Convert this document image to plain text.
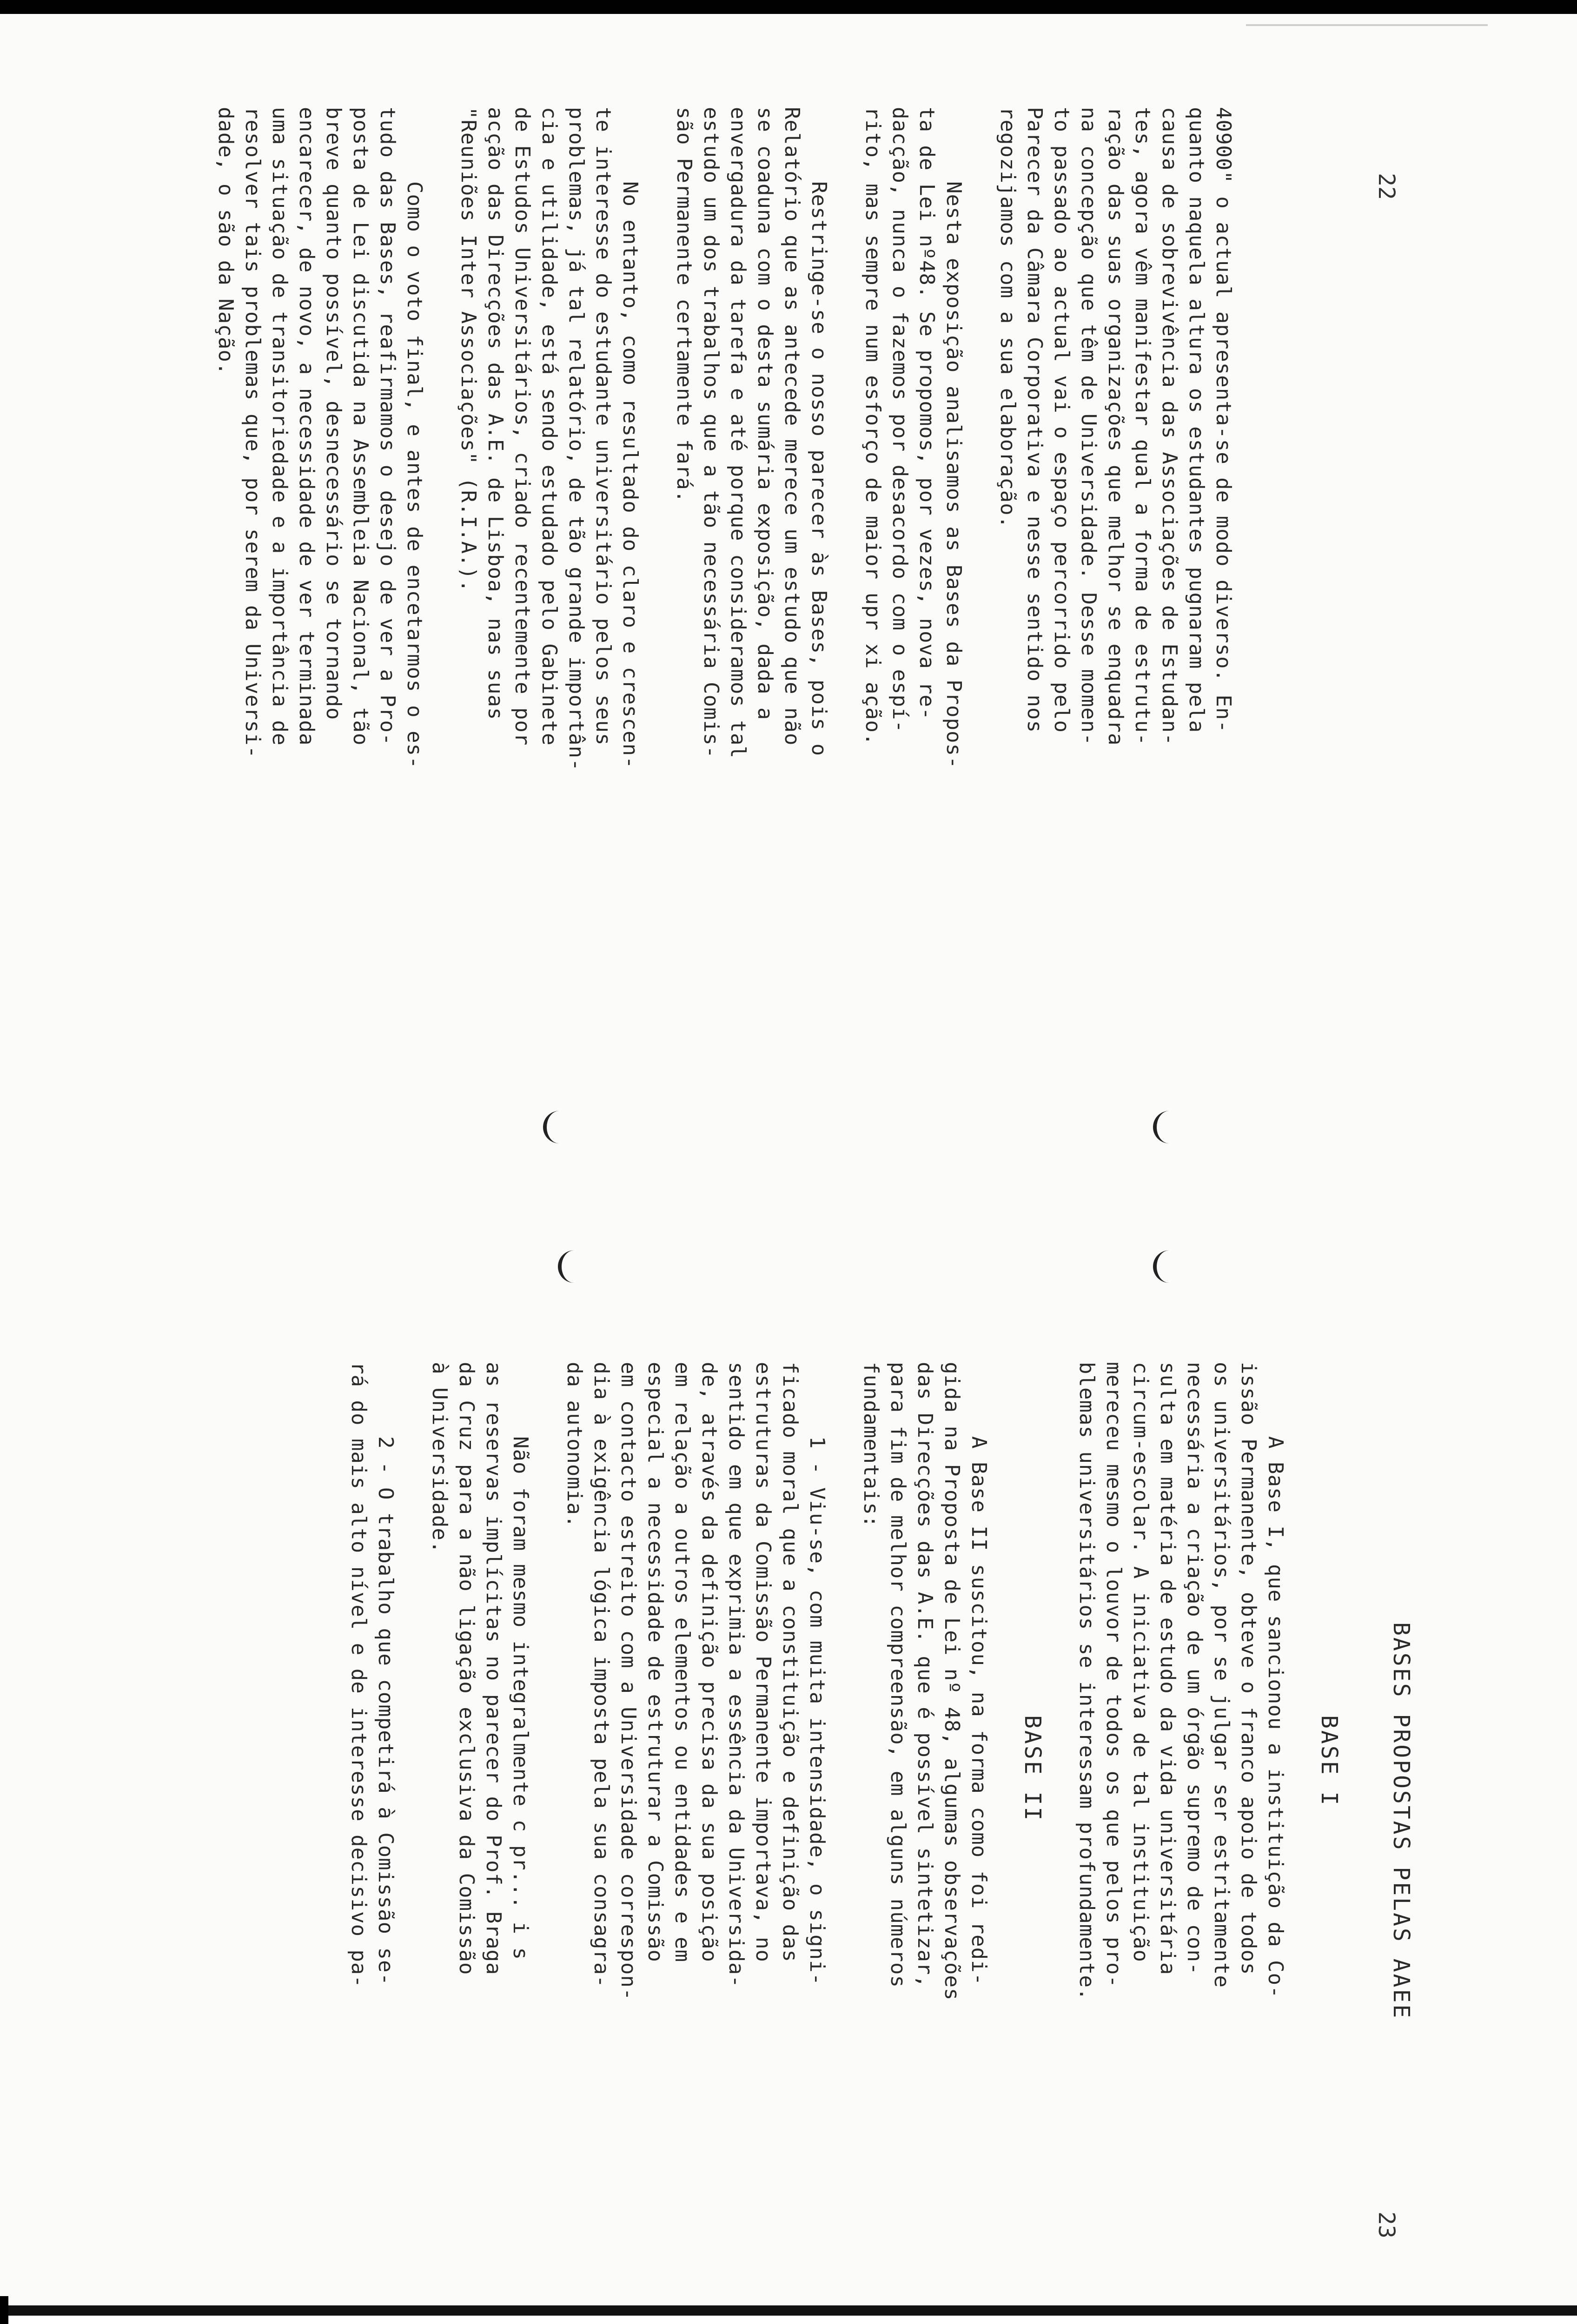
22
23
40900" o actual apresenta-se de modo diverso. En-
quanto naquela altura os estudantes pugnaram pela
causa de sobrevivência das Associações de Estudan-
tes, agora vêm manifestar qual a forma de estrutu-
ração das suas organizações que melhor se enquadra
na concepção que têm de Universidade. Desse momen-
to passado ao actual vai o espaço percorrido pelo
Parecer da Câmara Corporativa e nesse sentido nos
regozijamos com a sua elaboração.
Nesta exposição analisamos as Bases da Propos-
ta de Lei nº48. Se propomos, por vezes, nova re-
dacção, nunca o fazemos por desacordo com o espí-
rito, mas sempre num esforço de maior upr xi ação.
Restringe-se o nosso parecer às Bases, pois o
Relatório que as antecede merece um estudo que não
se coaduna com o desta sumária exposição, dada a
envergadura da tarefa e até porque consideramos tal
estudo um dos trabalhos que a tão necessária Comis-
são Permanente certamente fará.
No entanto, como resultado do claro e crescen-
te interesse do estudante universitário pelos seus
problemas, já tal relatório, de tão grande importân-
cia e utilidade, está sendo estudado pelo Gabinete
de Estudos Universitários, criado recentemente por
acção das Direcções das A.E. de Lisboa, nas suas
"Reuniões Inter Associações" (R.I.A.).
Como o voto final, e antes de encetarmos o es-
tudo das Bases, reafirmamos o desejo de ver a Pro-
posta de Lei discutida na Assembleia Nacional, tão
breve quanto possível, desnecessário se tornando
encarecer, de novo, a necessidade de ver terminada
uma situação de transitoriedade e a importância de
resolver tais problemas que, por serem da Universi-
dade, o são da Nação.

BASES PROPOSTAS PELAS AAEE

BASE I
A Base I, que sancionou a instituição da Co-
issão Permanente, obteve o franco apoio de todos
os universitários, por se julgar ser estritamente
necessária a criação de um órgão supremo de con-
sulta em matéria de estudo da vida universitária
circum-escolar. A iniciativa de tal instituição
mereceu mesmo o louvor de todos os que pelos pro-
blemas universitários se interessam profundamente.
BASE II
A Base II suscitou, na forma como foi redi-
gida na Proposta de Lei nº 48, algumas observações
das Direcções das A.E. que é possível sintetizar,
para fim de melhor compreensão, em alguns números
fundamentais:
1 - Viu-se, com muita intensidade, o signi-
ficado moral que a constituição e definição das
estruturas da Comissão Permanente importava, no
sentido em que exprimia a essência da Universida-
de, através da definição precisa da sua posição
em relação a outros elementos ou entidades e em
especial a necessidade de estruturar a Comissão
em contacto estreito com a Universidade correspon-
dia à exigência lógica imposta pela sua consagra-
da autonomia.
Não foram mesmo integralmente c pr... i s
as reservas implícitas no parecer do Prof. Braga
da Cruz para a não ligação exclusiva da Comissão
à Universidade.
2 - O trabalho que competirá à Comissão se-
rá do mais alto nível e de interesse decisivo pa-
